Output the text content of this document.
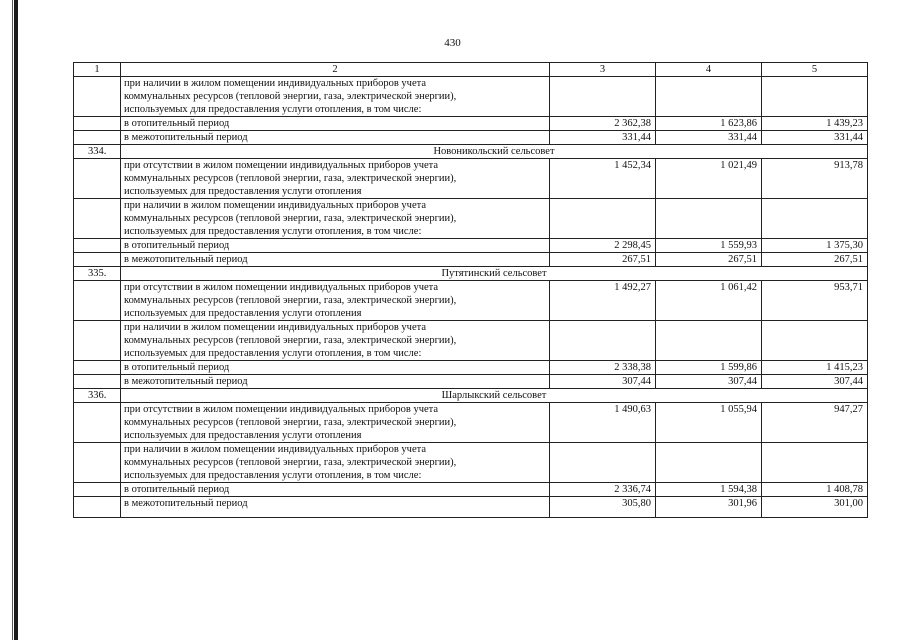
430
1	2	3	4	5

	при наличии в жилом помещении индивидуальных приборов учета
коммунальных ресурсов (тепловой энергии, газа, электрической энергии),
используемых для предоставления услуги отопления, в том числе:			

	в отопительный период	2 362,38	1 623,86	1 439,23
	в межотопительный период	331,44	331,44	331,44
334.	Новоникольский сельсовет			

	при отсутствии в жилом помещении индивидуальных приборов учета
коммунальных ресурсов (тепловой энергии, газа, электрической энергии),
используемых для предоставления услуги отопления	1 452,34	1 021,49	913,78

	при наличии в жилом помещении индивидуальных приборов учета
коммунальных ресурсов (тепловой энергии, газа, электрической энергии),
используемых для предоставления услуги отопления, в том числе:			

	в отопительный период	2 298,45	1 559,93	1 375,30
	в межотопительный период	267,51	267,51	267,51
335.	Путятинский сельсовет			

	при отсутствии в жилом помещении индивидуальных приборов учета
коммунальных ресурсов (тепловой энергии, газа, электрической энергии),
используемых для предоставления услуги отопления	1 492,27	1 061,42	953,71

	при наличии в жилом помещении индивидуальных приборов учета
коммунальных ресурсов (тепловой энергии, газа, электрической энергии),
используемых для предоставления услуги отопления, в том числе:			

	в отопительный период	2 338,38	1 599,86	1 415,23
	в межотопительный период	307,44	307,44	307,44
336.	Шарлыкский сельсовет			

	при отсутствии в жилом помещении индивидуальных приборов учета
коммунальных ресурсов (тепловой энергии, газа, электрической энергии),
используемых для предоставления услуги отопления	1 490,63	1 055,94	947,27

	при наличии в жилом помещении индивидуальных приборов учета
коммунальных ресурсов (тепловой энергии, газа, электрической энергии),
используемых для предоставления услуги отопления, в том числе:			

	в отопительный период	2 336,74	1 594,38	1 408,78
	в межотопительный период	305,80	301,96	301,00
